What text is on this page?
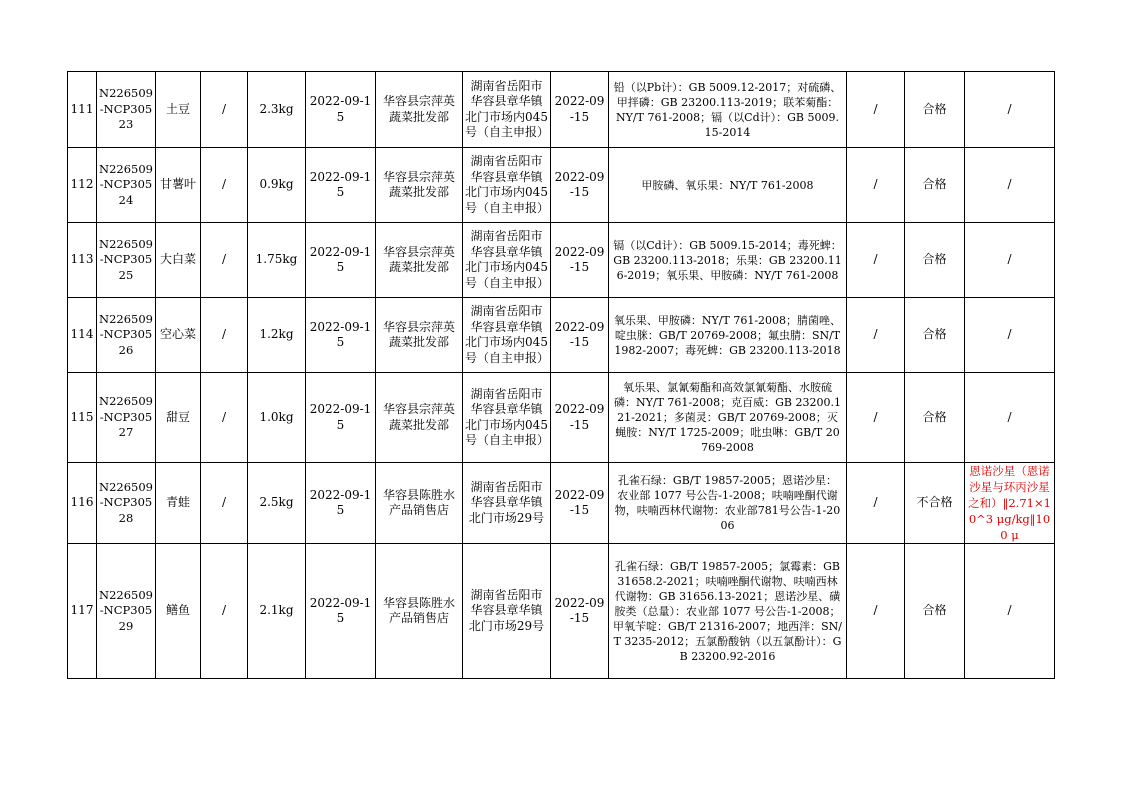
111	N226509-NCP30523	土豆	/	2.3kg	2022-09-15	华容县宗萍英蔬菜批发部	湖南省岳阳市华容县章华镇北门市场内045号（自主申报）	2022-09-15	铅（以Pb计）：GB 5009.12-2017；对硫磷、甲拌磷：GB 23200.113-2019；联苯菊酯：NY/T 761-2008；镉（以Cd计）：GB 5009.15-2014	/	合格	/
112	N226509-NCP30524	甘薯叶	/	0.9kg	2022-09-15	华容县宗萍英蔬菜批发部	湖南省岳阳市华容县章华镇北门市场内045号（自主申报）	2022-09-15	甲胺磷、氧乐果：NY/T 761-2008	/	合格	/
113	N226509-NCP30525	大白菜	/	1.75kg	2022-09-15	华容县宗萍英蔬菜批发部	湖南省岳阳市华容县章华镇北门市场内045号（自主申报）	2022-09-15	镉（以Cd计）：GB 5009.15-2014；毒死蜱：GB 23200.113-2018；乐果：GB 23200.116-2019；氧乐果、甲胺磷：NY/T 761-2008	/	合格	/
114	N226509-NCP30526	空心菜	/	1.2kg	2022-09-15	华容县宗萍英蔬菜批发部	湖南省岳阳市华容县章华镇北门市场内045号（自主申报）	2022-09-15	氧乐果、甲胺磷：NY/T 761-2008；腈菌唑、啶虫脒：GB/T 20769-2008；氟虫腈：SN/T 1982-2007；毒死蜱：GB 23200.113-2018	/	合格	/
115	N226509-NCP30527	甜豆	/	1.0kg	2022-09-15	华容县宗萍英蔬菜批发部	湖南省岳阳市华容县章华镇北门市场内045号（自主申报）	2022-09-15	氧乐果、氯氰菊酯和高效氯氰菊酯、水胺硫磷：NY/T 761-2008；克百威：GB 23200.121-2021；多菌灵：GB/T 20769-2008；灭蝇胺：NY/T 1725-2009；吡虫啉：GB/T 20769-2008	/	合格	/
116	N226509-NCP30528	青蛙	/	2.5kg	2022-09-15	华容县陈胜水产品销售店	湖南省岳阳市华容县章华镇北门市场29号	2022-09-15	孔雀石绿：GB/T 19857-2005；恩诺沙星：农业部 1077 号公告-1-2008；呋喃唑酮代谢物，呋喃西林代谢物：农业部781号公告-1-2006	/	不合格	恩诺沙星（恩诺沙星与环丙沙星之和）‖2.71×10^3 μg/kg‖100 μ
117	N226509-NCP30529	鳝鱼	/	2.1kg	2022-09-15	华容县陈胜水产品销售店	湖南省岳阳市华容县章华镇北门市场29号	2022-09-15	孔雀石绿：GB/T 19857-2005；氯霉素：GB 31658.2-2021；呋喃唑酮代谢物、呋喃西林代谢物：GB 31656.13-2021；恩诺沙星、磺胺类（总量）：农业部 1077 号公告-1-2008；甲氧苄啶：GB/T 21316-2007；地西泮：SN/T 3235-2012；五氯酚酸钠（以五氯酚计）：GB 23200.92-2016	/	合格	/
